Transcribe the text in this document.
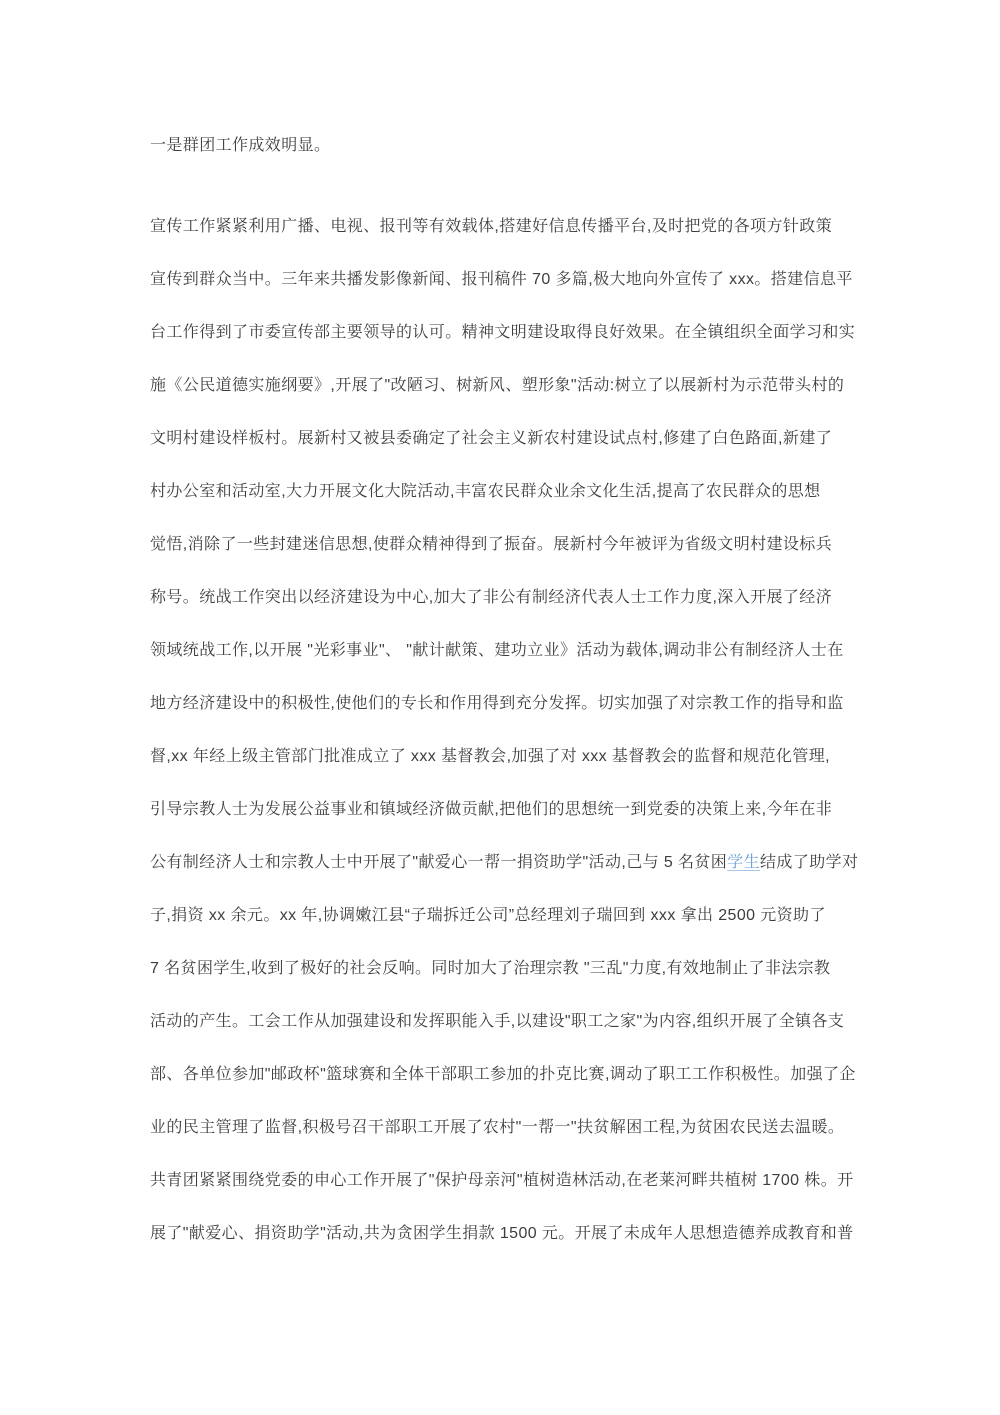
一是群团工作成效明显。
宣传工作紧紧利用广播、电视、报刊等有效载体,搭建好信息传播平台,及时把党的各项方针政策
宣传到群众当中。三年来共播发影像新闻、报刊稿件 70 多篇,极大地向外宣传了 xxx。搭建信息平
台工作得到了市委宣传部主要领导的认可。精神文明建设取得良好效果。在全镇组织全面学习和实
施《公民道德实施纲要》,开展了"改陋习、树新风、塑形象"活动:树立了以展新村为示范带头村的
文明村建设样板村。展新村又被县委确定了社会主义新农村建设试点村,修建了白色路面,新建了
村办公室和活动室,大力开展文化大院活动,丰富农民群众业余文化生活,提高了农民群众的思想
觉悟,消除了一些封建迷信思想,使群众精神得到了振奋。展新村今年被评为省级文明村建设标兵
称号。统战工作突出以经济建设为中心,加大了非公有制经济代表人士工作力度,深入开展了经济
领域统战工作,以开展 "光彩事业"、 "献计献策、建功立业》活动为载体,调动非公有制经济人士在
地方经济建设中的积极性,使他们的专长和作用得到充分发挥。切实加强了对宗教工作的指导和监
督,xx 年经上级主管部门批准成立了 xxx 基督教会,加强了对 xxx 基督教会的监督和规范化管理,
引导宗教人士为发展公益事业和镇域经济做贡献,把他们的思想统一到党委的决策上来,今年在非
公有制经济人士和宗教人士中开展了"献爱心一帮一捐资助学"活动,己与 5 名贫困学生结成了助学对
子,捐资 xx 余元。xx 年,协调嫩江县“子瑞拆迁公司”总经理刘子瑞回到 xxx 拿出 2500 元资助了
7 名贫困学生,收到了极好的社会反响。同时加大了治理宗教 "三乱"力度,有效地制止了非法宗教
活动的产生。工会工作从加强建设和发挥职能入手,以建设"职工之家"为内容,组织开展了全镇各支
部、各单位参加"邮政杯"篮球赛和全体干部职工参加的扑克比赛,调动了职工工作积极性。加强了企
业的民主管理了监督,积极号召干部职工开展了农村"一帮一"扶贫解困工程,为贫困农民送去温暖。
共青团紧紧围绕党委的申心工作开展了"保护母亲河"植树造林活动,在老莱河畔共植树 1700 株。开
展了"献爱心、捐资助学"活动,共为贪困学生捐款 1500 元。开展了未成年人思想造德养成教育和普
